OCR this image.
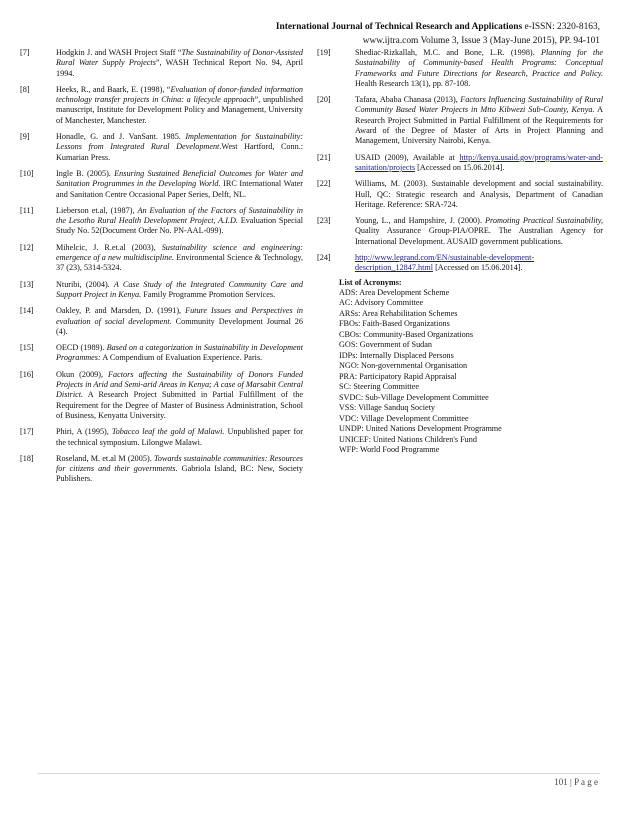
International Journal of Technical Research and Applications e-ISSN: 2320-8163,
www.ijtra.com Volume 3, Issue 3 (May-June 2015), PP. 94-101
[7]	Hodgkin J. and WASH Project Staff “The Sustainability of Donor-Assisted Rural Water Supply Projects”, WASH Technical Report No. 94, April 1994.
[8]	Heeks, R., and Baark, E. (1998), “Evaluation of donor-funded information technology transfer projects in China: a lifecycle approach”, unpublished manuscript, Institute for Development Policy and Management, University of Manchester, Manchester.
[9]	Honadle, G. and J. VanSant. 1985. Implementation for Sustainability: Lessons from Integrated Rural Development.West Hartford, Conn.: Kumarian Press.
[10]	Ingle B. (2005). Ensuring Sustained Beneficial Outcomes for Water and Sanitation Programmes in the Developing World. IRC International Water and Sanitation Centre Occasional Paper Series, Delft, NL.
[11]	Lieberson et.al, (1987), An Evaluation of the Factors of Sustainability in the Lesotho Rural Health Development Project, A.I.D. Evaluation Special Study No. 52(Document Order No. PN-AAL-099).
[12]	Mihelcic, J. R.et.al (2003), Sustainability science and engineering: emergence of a new multidiscipline. Environmental Science & Technology, 37 (23), 5314-5324.
[13]	Nturibi, (2004). A Case Study of the Integrated Community Care and Support Project in Kenya. Family Programme Promotion Services.
[14]	Oakley, P. and Marsden, D. (1991), Future Issues and Perspectives in evaluation of social development. Community Development Journal 26 (4).
[15]	OECD (1989). Based on a categorization in Sustainability in Development Programmes: A Compendium of Evaluation Experience. Paris.
[16]	Okun (2009), Factors affecting the Sustainability of Donors Funded Projects in Arid and Semi-arid Areas in Kenya; A case of Marsabit Central District. A Research Project Submitted in Partial Fulfillment of the Requirement for the Degree of Master of Business Administration, School of Business, Kenyatta University.
[17]	Phiri, A (1995), Tobacco leaf the gold of Malawi. Unpublished paper for the technical symposium. Lilongwe Malawi.
[18]	Roseland, M. et.al M (2005). Towards sustainable communities: Resources for citizens and their governments. Gabriola Island, BC: New, Society Publishers.
[19]	Shediac-Rizkallah, M.C. and Bone, L.R. (1998). Planning for the Sustainability of Community-based Health Programs: Conceptual Frameworks and Future Directions for Research, Practice and Policy. Health Research 13(1), pp. 87-108.
[20]	Tafara, Ababa Chanasa (2013), Factors Influencing Sustainability of Rural Community Based Water Projects in Mtto Kibwezi Sub-County, Kenya. A Research Project Submitted in Partial Fulfillment of the Requirements for Award of the Degree of Master of Arts in Project Planning and Management, University Nairobi, Kenya.
[21]	USAID (2009), Available at http://kenya.usaid.gov/programs/water-and-sanitation/projects [Accessed on 15.06.2014].
[22]	Williams, M. (2003). Sustainable development and social sustainability. Hull, QC: Strategic research and Analysis, Department of Canadian Heritage. Reference: SRA-724.
[23]	Young, L., and Hampshire, J. (2000). Promoting Practical Sustainability, Quality Assurance Group-PIA/OPRE. The Australian Agency for International Development. AUSAID government publications.
[24]	http://www.legrand.com/EN/sustainable-development-description_12847.html [Accessed on 15.06.2014].
List of Acronyms:
ADS: Area Development Scheme
AC: Advisory Committee
ARSs: Area Rehabilitation Schemes
FBOs: Faith-Based Organizations
CBOs: Community-Based Organizations
GOS: Government of Sudan
IDPs: Internally Displaced Persons
NGO: Non-governmental Organisation
PRA: Participatory Rapid Appraisal
SC: Steering Committee
SVDC: Sub-Village Development Committee
VSS: Village Sanduq Society
VDC: Village Development Committee
UNDP: United Nations Development Programme
UNICEF: United Nations Children's Fund
WFP: World Food Programme
101 | P a g e
